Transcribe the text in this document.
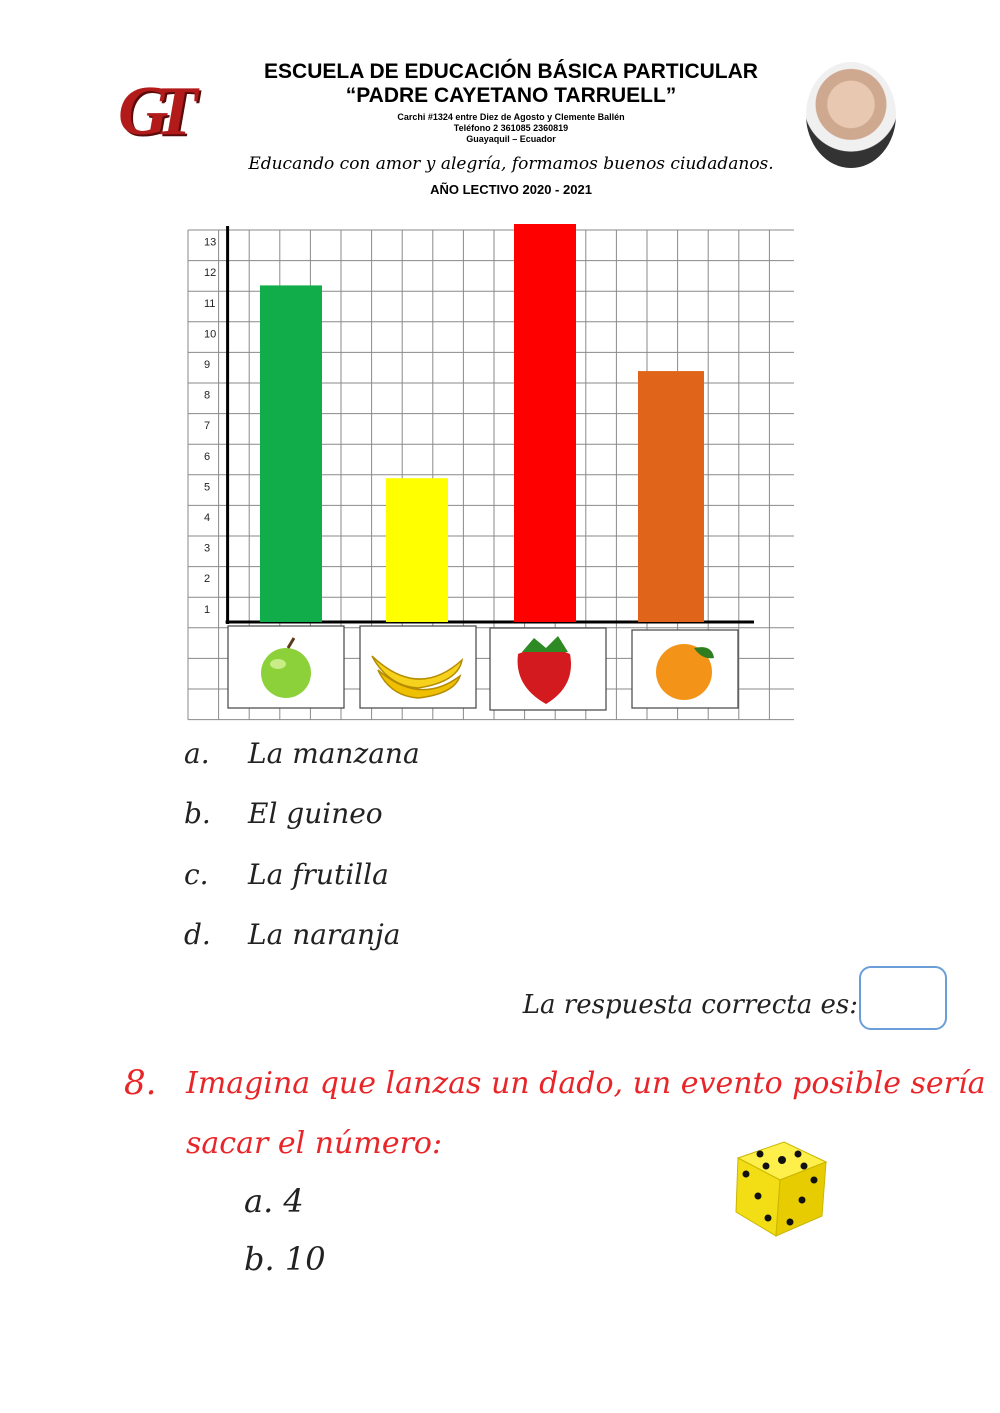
GT
ESCUELA DE EDUCACIÓN BÁSICA PARTICULAR
“PADRE CAYETANO TARRUELL”
Carchi #1324 entre Diez de Agosto y Clemente Ballén
Teléfono 2 361085 2360819
Guayaquil – Ecuador
Educando con amor y alegría, formamos buenos ciudadanos.
AÑO LECTIVO 2020 - 2021
1
2
3
4
5
6
7
8
9
10
11
12
13
a. La manzana
b. El guineo
c. La frutilla
d. La naranja
La respuesta correcta es:
8. Imagina que lanzas un dado, un evento posible sería
sacar el número:
a. 4
b. 10
